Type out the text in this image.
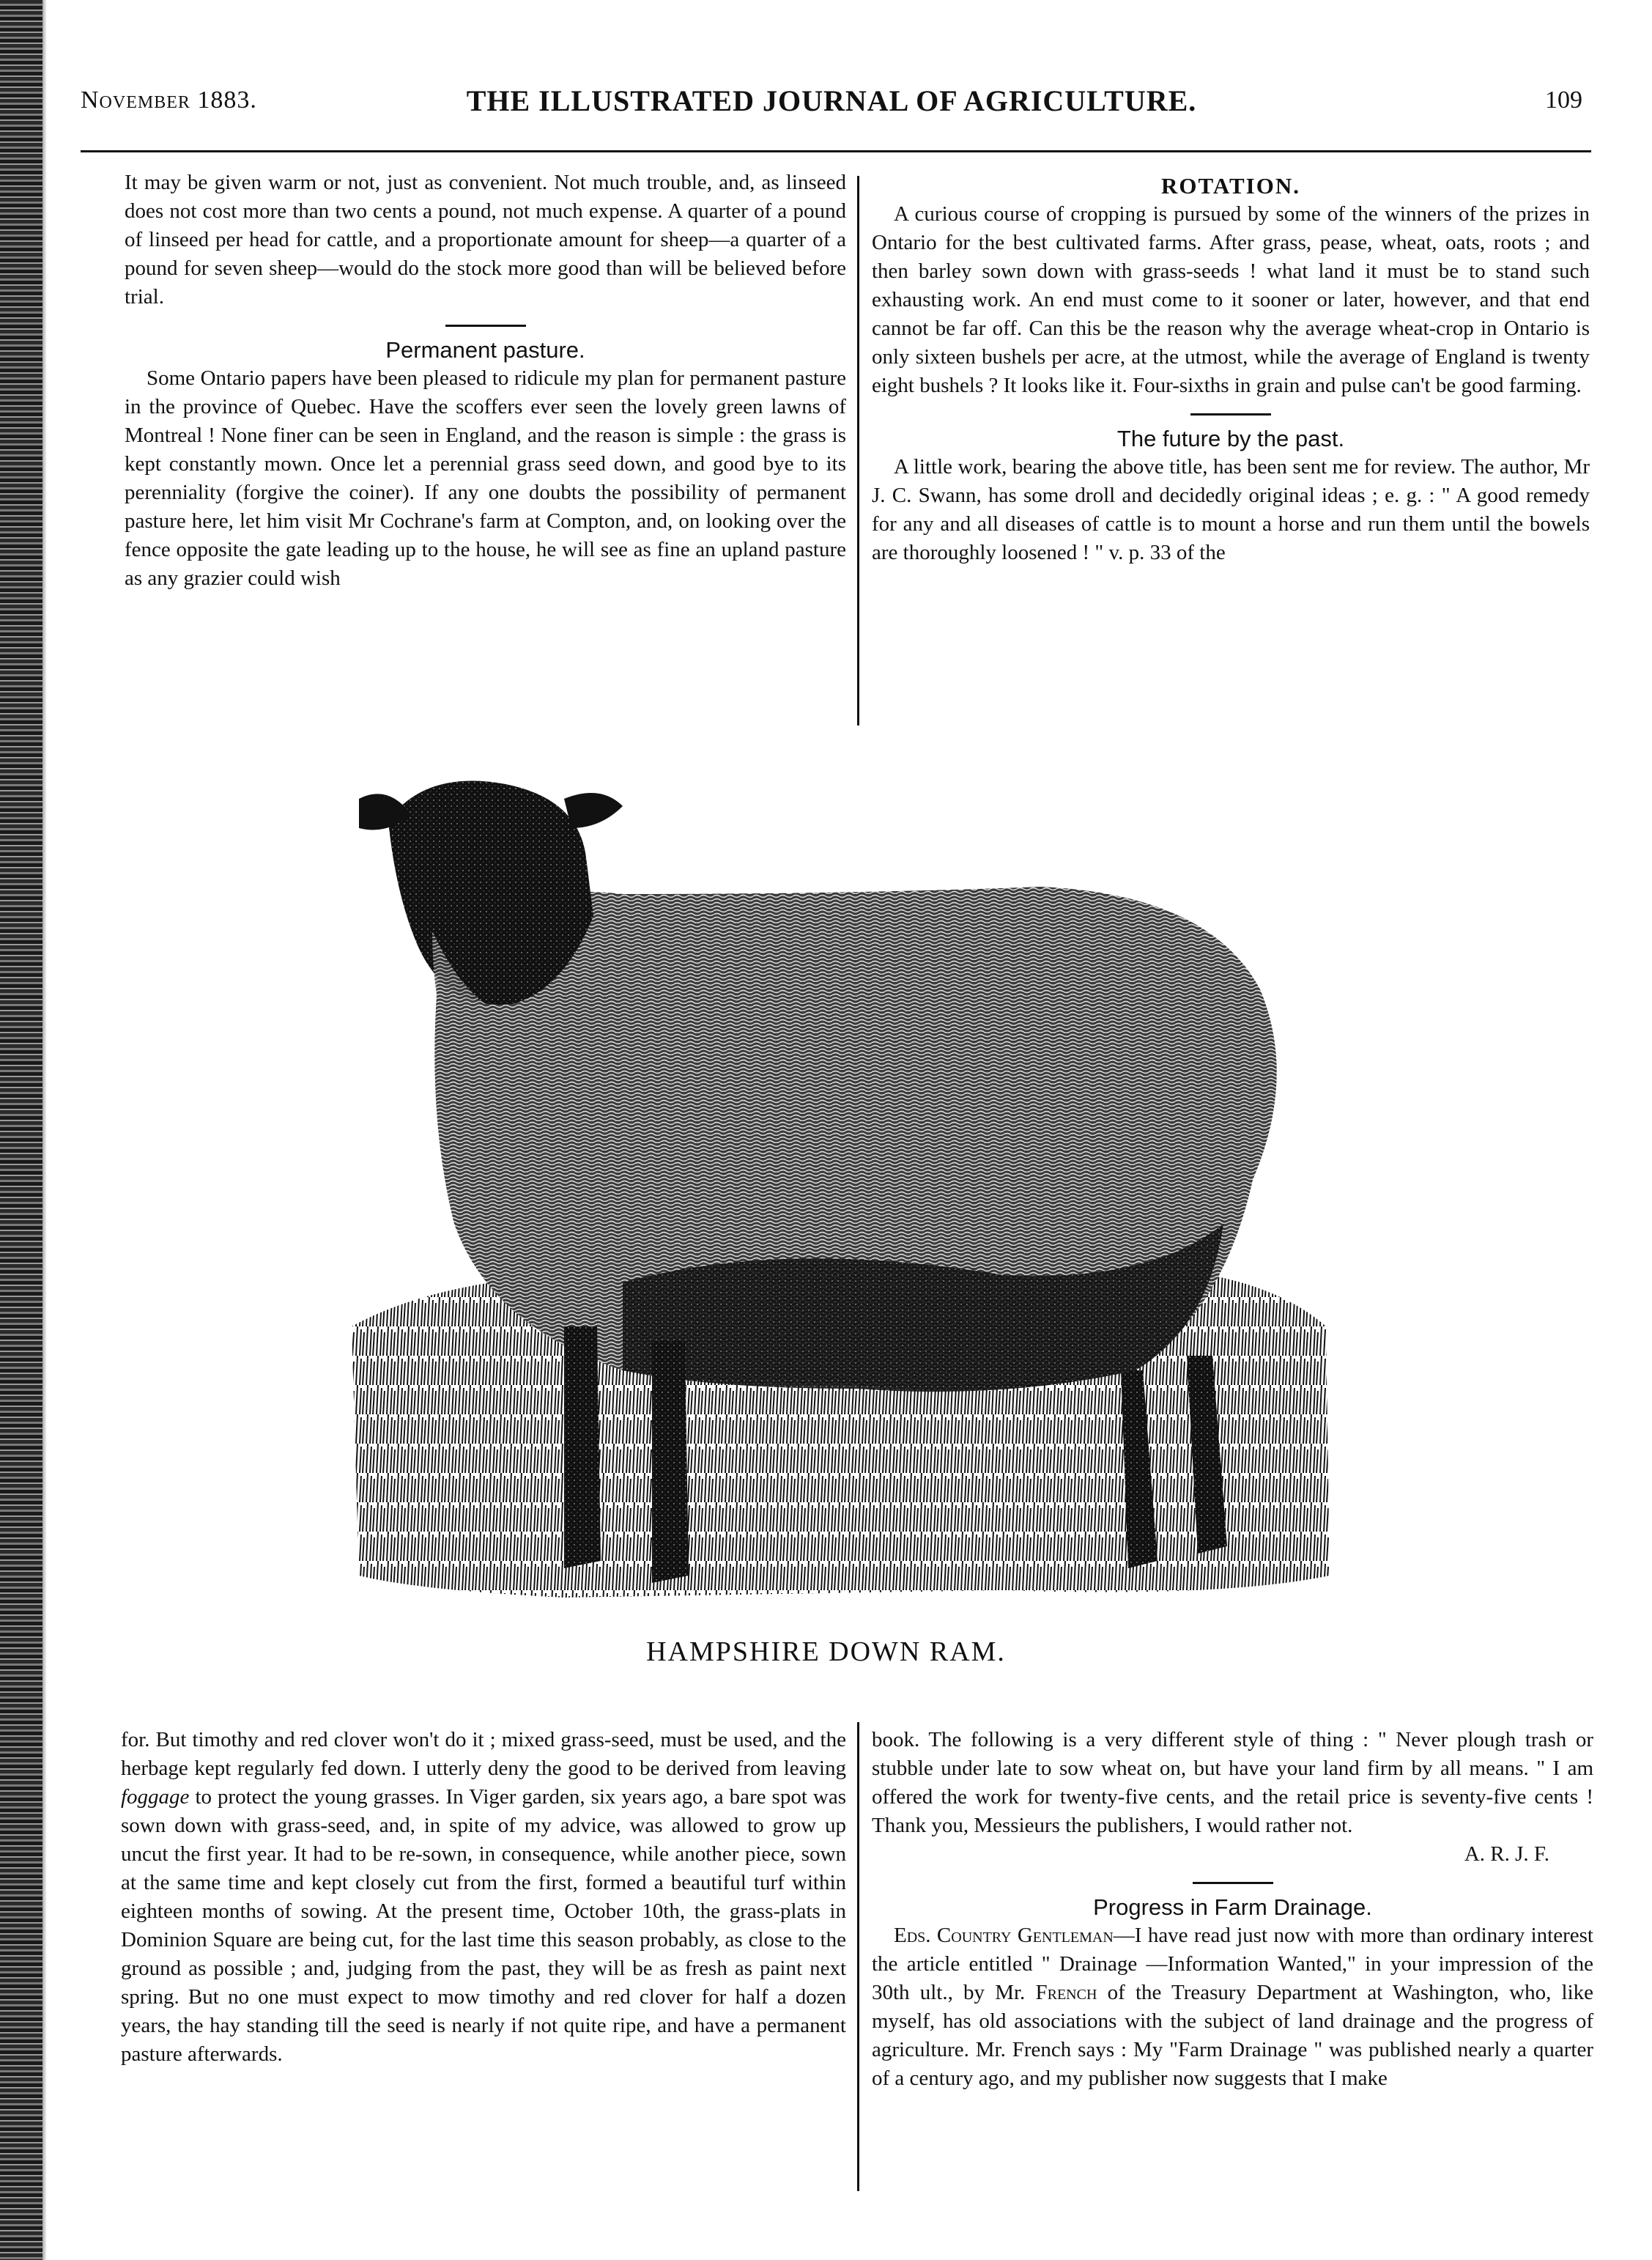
November 1883.	THE ILLUSTRATED JOURNAL OF AGRICULTURE.	109

It may be given warm or not, just as convenient. Not much trouble, and, as linseed does not cost more than two cents a pound, not much expense. A quarter of a pound of linseed per head for cattle, and a proportionate amount for sheep—a quarter of a pound for seven sheep—would do the stock more good than will be believed before trial.

Permanent pasture.

Some Ontario papers have been pleased to ridicule my plan for permanent pasture in the province of Quebec. Have the scoffers ever seen the lovely green lawns of Montreal ! None finer can be seen in England, and the reason is simple : the grass is kept constantly mown. Once let a perennial grass seed down, and good bye to its perenniality (forgive the coiner). If any one doubts the possibility of permanent pasture here, let him visit Mr Cochrane's farm at Compton, and, on looking over the fence opposite the gate leading up to the house, he will see as fine an upland pasture as any grazier could wish

ROTATION.

A curious course of cropping is pursued by some of the winners of the prizes in Ontario for the best cultivated farms. After grass, pease, wheat, oats, roots ; and then barley sown down with grass-seeds ! what land it must be to stand such exhausting work. An end must come to it sooner or later, however, and that end cannot be far off. Can this be the reason why the average wheat-crop in Ontario is only sixteen bushels per acre, at the utmost, while the average of England is twenty eight bushels ? It looks like it. Four-sixths in grain and pulse can't be good farming.

The future by the past.

A little work, bearing the above title, has been sent me for review. The author, Mr J. C. Swann, has some droll and decidedly original ideas ; e. g. : " A good remedy for any and all diseases of cattle is to mount a horse and run them until the bowels are thoroughly loosened ! " v. p. 33 of the

HAMPSHIRE DOWN RAM.

for. But timothy and red clover won't do it ; mixed grass-seed, must be used, and the herbage kept regularly fed down. I utterly deny the good to be derived from leaving foggage to protect the young grasses. In Viger garden, six years ago, a bare spot was sown down with grass-seed, and, in spite of my advice, was allowed to grow up uncut the first year. It had to be re-sown, in consequence, while another piece, sown at the same time and kept closely cut from the first, formed a beautiful turf within eighteen months of sowing. At the present time, October 10th, the grass-plats in Dominion Square are being cut, for the last time this season probably, as close to the ground as possible ; and, judging from the past, they will be as fresh as paint next spring. But no one must expect to mow timothy and red clover for half a dozen years, the hay standing till the seed is nearly if not quite ripe, and have a permanent pasture afterwards.

book. The following is a very different style of thing : " Never plough trash or stubble under late to sow wheat on, but have your land firm by all means. " I am offered the work for twenty-five cents, and the retail price is seventy-five cents ! Thank you, Messieurs the publishers, I would rather not.

A. R. J. F.
Progress in Farm Drainage.

Eds. Country Gentleman—I have read just now with more than ordinary interest the article entitled " Drainage —Information Wanted," in your impression of the 30th ult., by Mr. French of the Treasury Department at Washington, who, like myself, has old associations with the subject of land drainage and the progress of agriculture. Mr. French says : My "Farm Drainage " was published nearly a quarter of a century ago, and my publisher now suggests that I make
